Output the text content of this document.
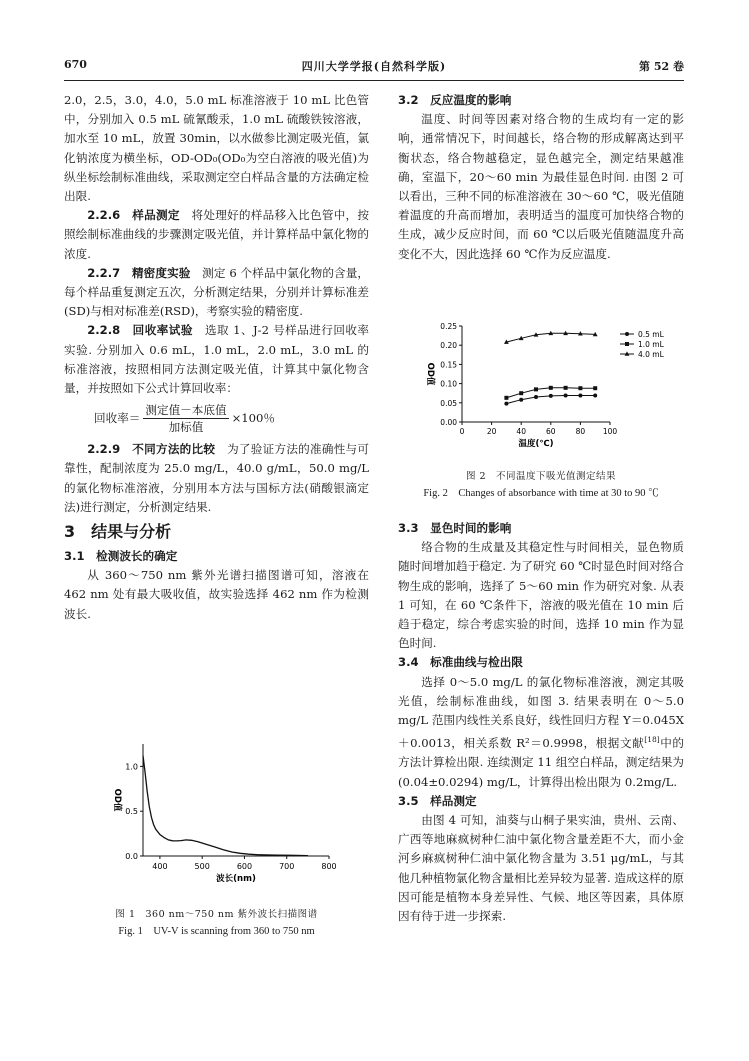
670	四川大学学报(自然科学版)	第 52 卷

2.0，2.5，3.0，4.0，5.0 mL 标准溶液于 10 mL 比色管中，分别加入 0.5 mL 硫氰酸汞，1.0 mL 硫酸铁铵溶液，加水至 10 mL，放置 30min，以水做参比测定吸光值，氯化钠浓度为横坐标，OD-OD₀(OD₀为空白溶液的吸光值)为纵坐标绘制标准曲线，采取测定空白样品含量的方法确定检出限.

2.2.6　样品测定　将处理好的样品移入比色管中，按照绘制标准曲线的步骤测定吸光值，并计算样品中氯化物的浓度.

2.2.7　精密度实验　测定 6 个样品中氯化物的含量，每个样品重复测定五次，分析测定结果，分别并计算标准差(SD)与相对标准差(RSD)，考察实验的精密度.

2.2.8　回收率试验　选取 1、J-2 号样品进行回收率实验. 分别加入 0.6 mL，1.0 mL，2.0 mL，3.0 mL 的标准溶液，按照相同方法测定吸光值，计算其中氯化物含量，并按照如下公式计算回收率：

回收率＝ $\frac{\text{测定值－本底值}}{\text{加标值}} \times 100$％

2.2.9　不同方法的比较　为了验证方法的准确性与可靠性，配制浓度为 25.0 mg/L，40.0 g/mL，50.0 mg/L 的氯化物标准溶液，分别用本方法与国标方法(硝酸银滴定法)进行测定，分析测定结果.

3　结果与分析

3.1　检测波长的确定

从 360～750 nm 紫外光谱扫描图谱可知，溶液在 462 nm 处有最大吸收值，故实验选择 462 nm 作为检测波长.

400	500	600	700	800
0.0
0.5
1.0
波长(nm)
OD值
图 1　360 nm～750 nm 紫外波长扫描图谱
Fig. 1　UV-V is scanning from 360 to 750 nm

3.2　反应温度的影响

温度、时间等因素对络合物的生成均有一定的影响，通常情况下，时间越长，络合物的形成解离达到平衡状态，络合物越稳定，显色越完全，测定结果越准确，室温下，20～60 min 为最佳显色时间. 由图 2 可以看出，三种不同的标准溶液在 30～60 ℃，吸光值随着温度的升高而增加，表明适当的温度可加快络合物的生成，减少反应时间，而 60 ℃以后吸光值随温度升高变化不大，因此选择 60 ℃作为反应温度.

0	20	40	60	80 100
0.00
0.05
0.10
0.15
0.20
0.25
0.5 mL
1.0 mL
4.0 mL
温度(℃)
OD值
图 2　不同温度下吸光值测定结果
Fig. 2　Changes of absorbance with time at 30 to 90 ℃

3.3　显色时间的影响

络合物的生成量及其稳定性与时间相关，显色物质随时间增加趋于稳定. 为了研究 60 ℃时显色时间对络合物生成的影响，选择了 5～60 min 作为研究对象. 从表 1 可知，在 60 ℃条件下，溶液的吸光值在 10 min 后趋于稳定，综合考虑实验的时间，选择 10 min 作为显色时间.

3.4　标准曲线与检出限

选择 0～5.0 mg/L 的氯化物标准溶液，测定其吸光值，绘制标准曲线，如图 3. 结果表明在 0～5.0 mg/L 范围内线性关系良好，线性回归方程 Y＝0.045X＋0.0013，相关系数 R²＝0.9998，根据文献[18]中的方法计算检出限. 连续测定 11 组空白样品，测定结果为(0.04±0.0294) mg/L，计算得出检出限为 0.2mg/L.

3.5　样品测定

由图 4 可知，油葵与山桐子果实油，贵州、云南、广西等地麻疯树种仁油中氯化物含量差距不大，而小金河乡麻疯树种仁油中氯化物含量为 3.51 μg/mL，与其他几种植物氯化物含量相比差异较为显著. 造成这样的原因可能是植物本身差异性、气候、地区等因素，具体原因有待于进一步探索.
